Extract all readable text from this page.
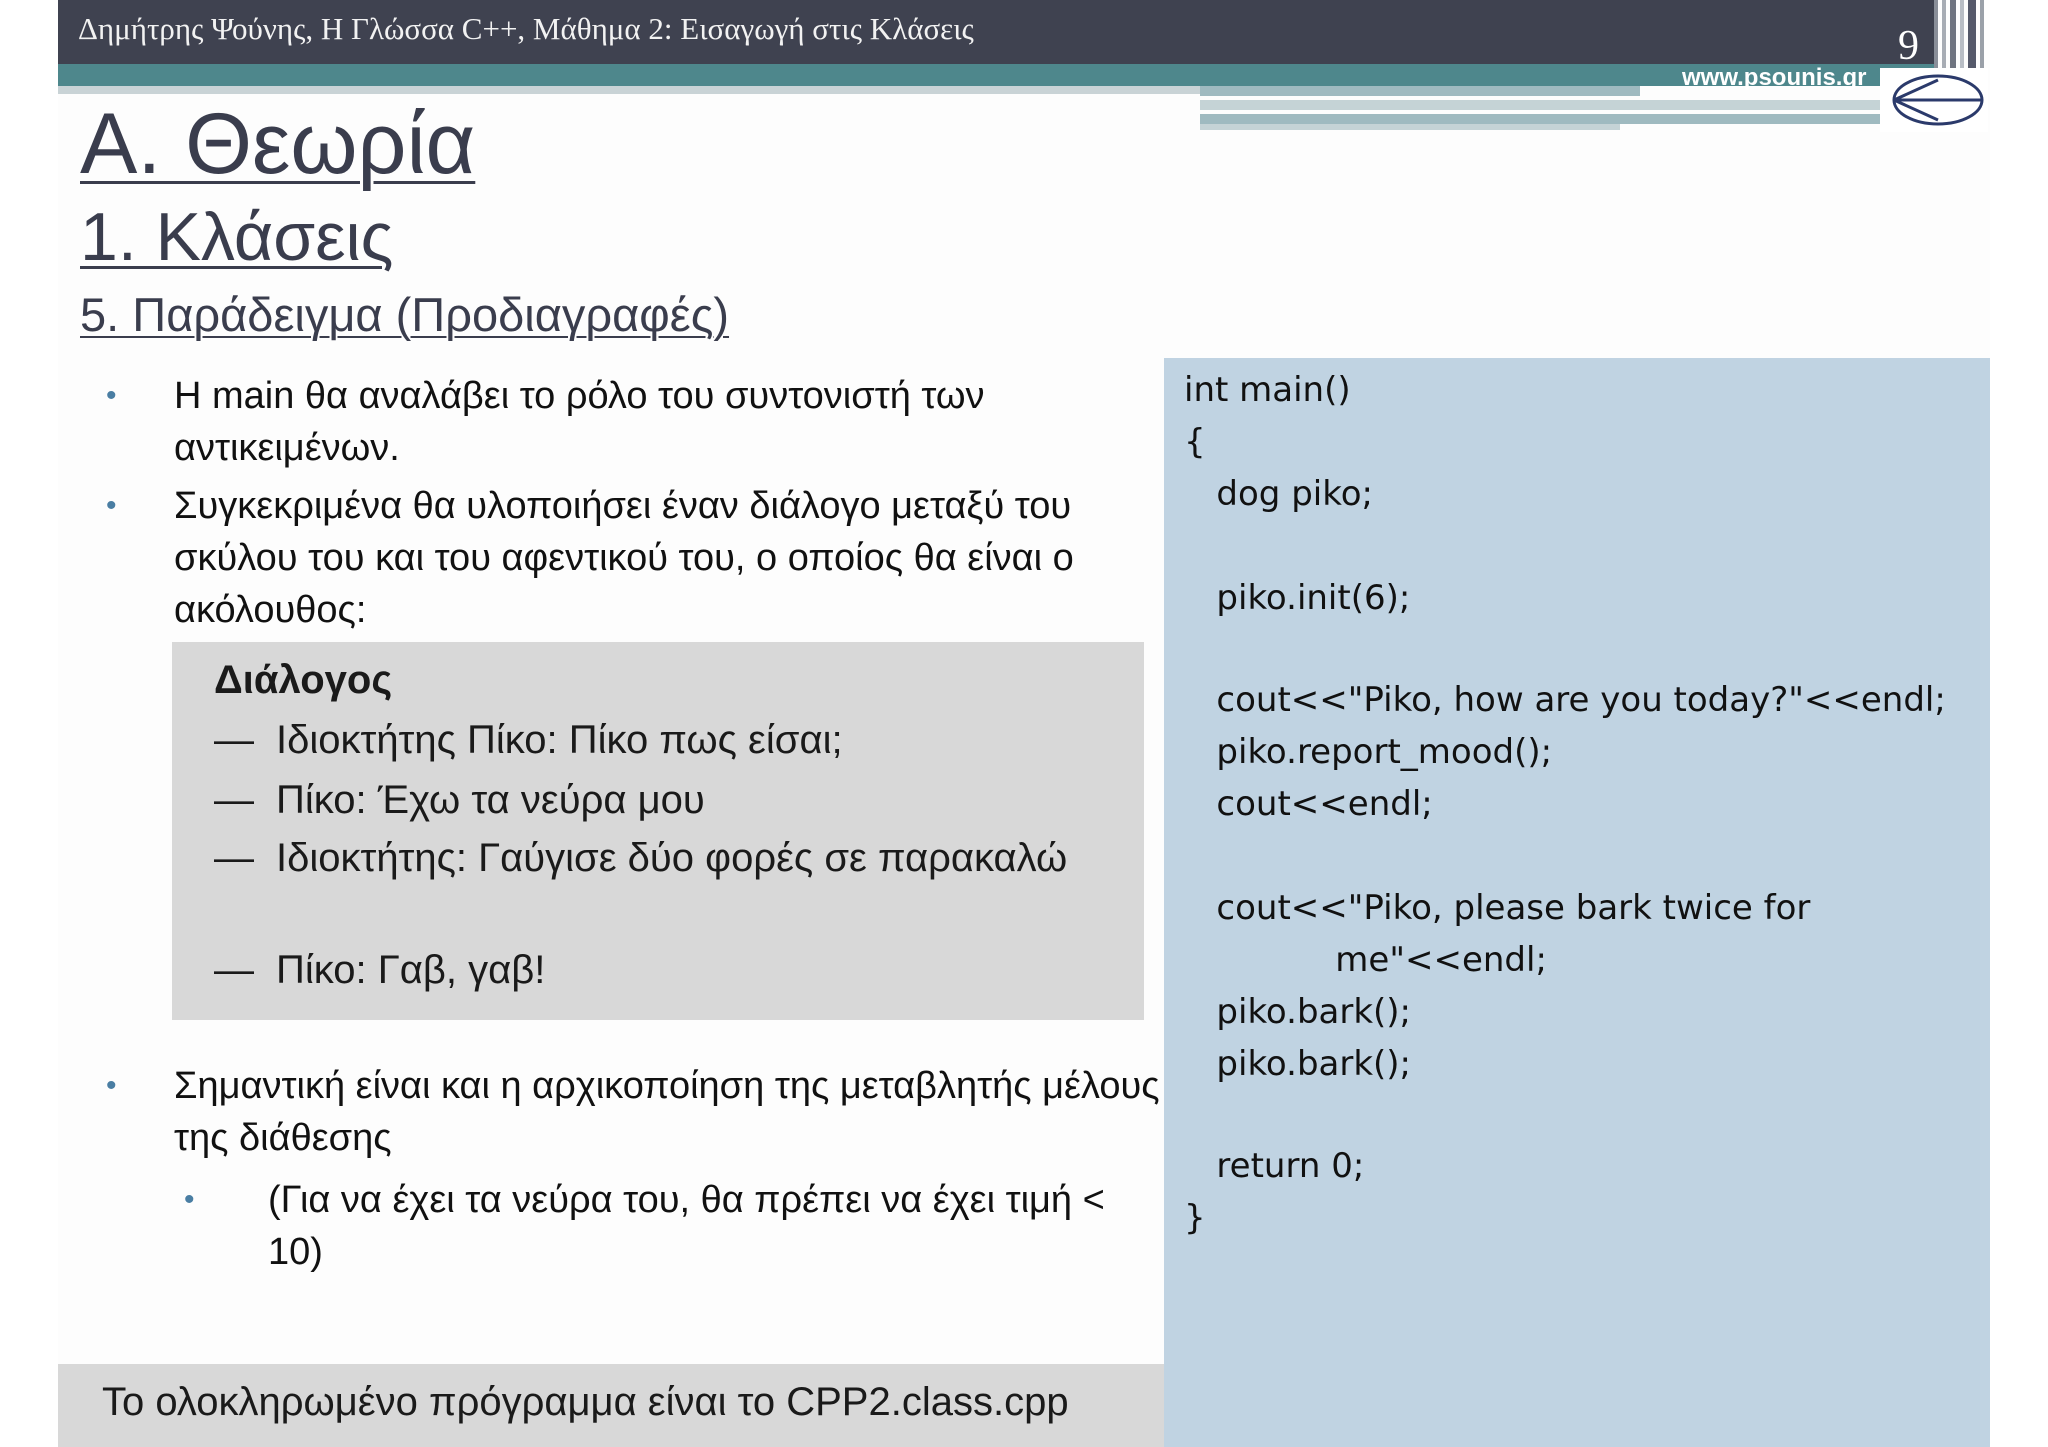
Δημήτρης Ψούνης, Η Γλώσσα C++, Μάθημα 2: Εισαγωγή στις Κλάσεις
www.psounis.gr
9
Α. Θεωρία
1. Κλάσεις
5. Παράδειγμα (Προδιαγραφές)
• Η main θα αναλάβει το ρόλο του συντονιστή των αντικειμένων.
• Συγκεκριμένα θα υλοποιήσει έναν διάλογο μεταξύ του σκύλου του και του αφεντικού του, ο οποίος θα είναι ο ακόλουθος:
• Σημαντική είναι και η αρχικοποίηση της μεταβλητής μέλους της διάθεσης
• (Για να έχει τα νεύρα του, θα πρέπει να έχει τιμή < 10)
Διάλογος
— Ιδιοκτήτης Πίκο: Πίκο πως είσαι;
— Πίκο: Έχω τα νεύρα μου
— Ιδιοκτήτης: Γαύγισε δύο φορές σε παρακαλώ
— Πίκο: Γαβ, γαβ!
Το ολοκληρωμένο πρόγραμμα είναι το CPP2.class.cpp
int main()
{
dog piko;
piko.init(6);
cout<<"Piko, how are you today?"<<endl;
piko.report_mood();
cout<<endl;
cout<<"Piko, please bark twice for
me"<<endl;
piko.bark();
piko.bark();
return 0;
}
